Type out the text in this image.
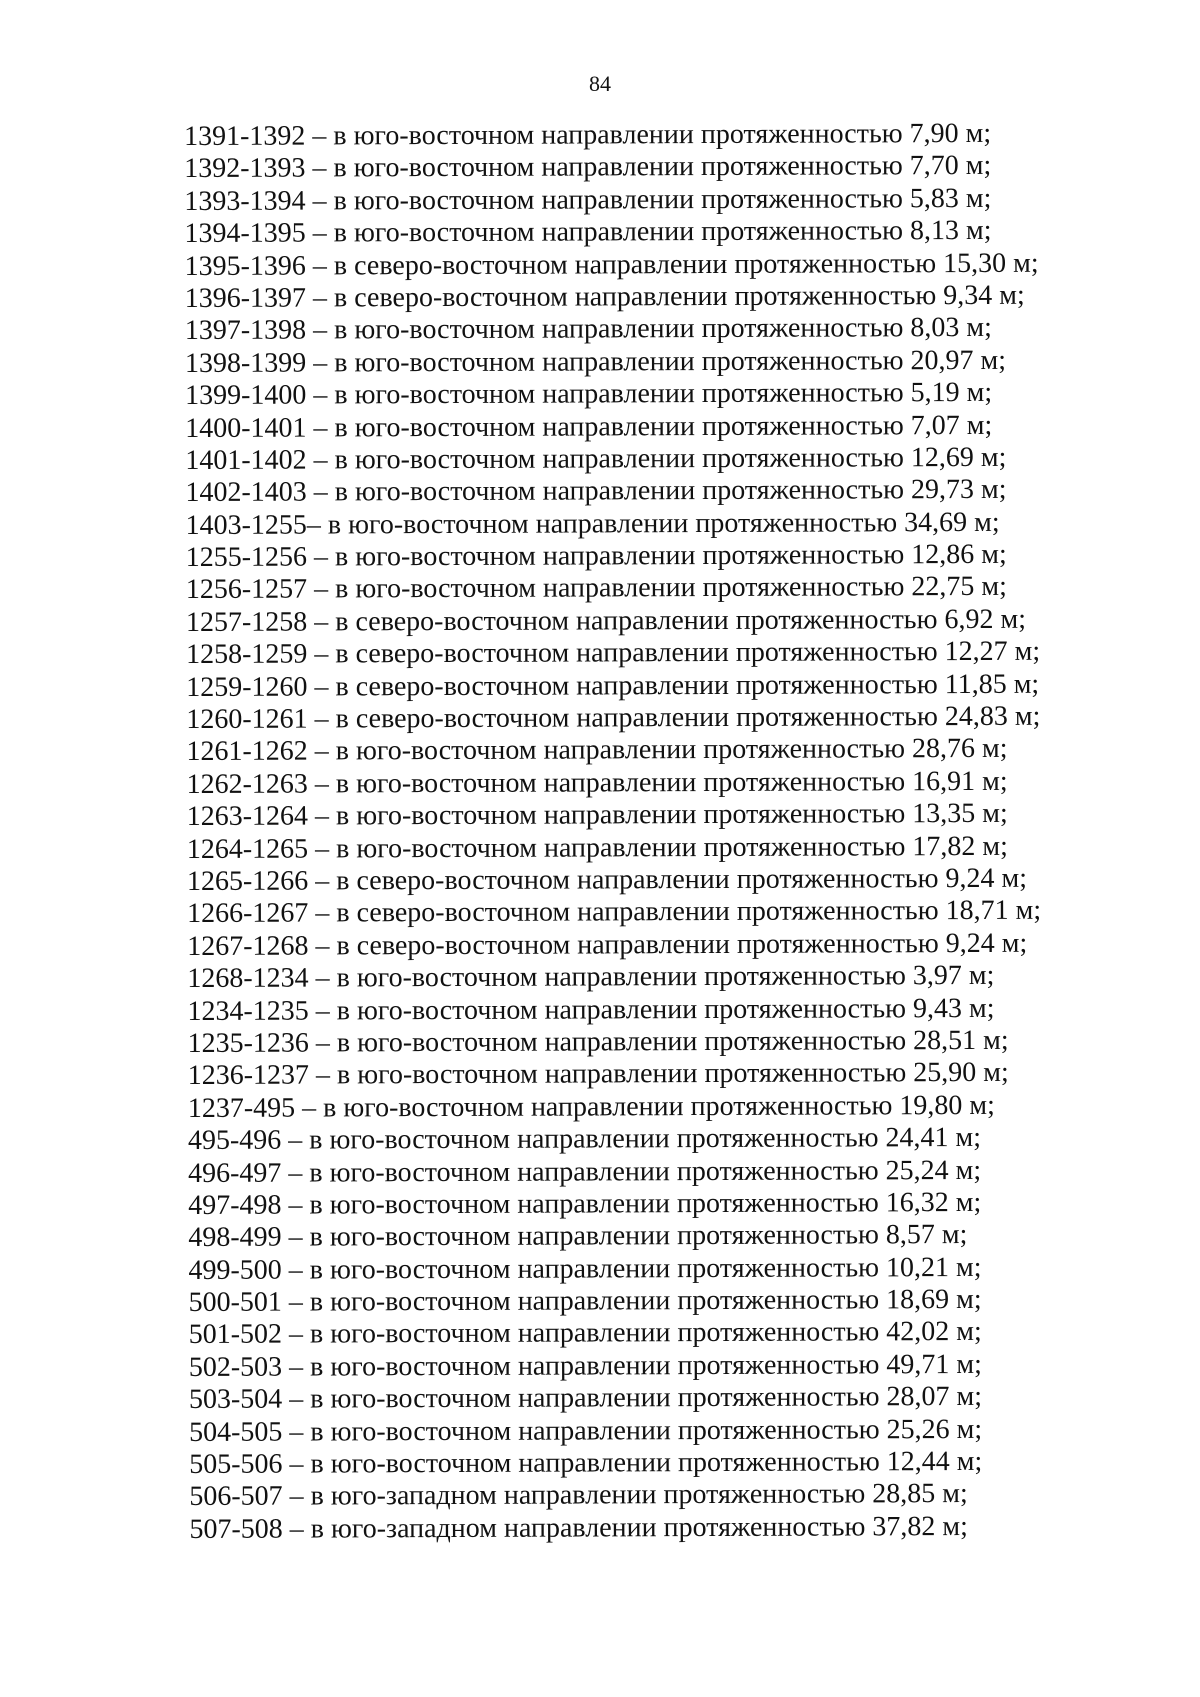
84
1391-1392 – в юго-восточном направлении протяженностью 7,90 м;
1392-1393 – в юго-восточном направлении протяженностью 7,70 м;
1393-1394 – в юго-восточном направлении протяженностью 5,83 м;
1394-1395 – в юго-восточном направлении протяженностью 8,13 м;
1395-1396 – в северо-восточном направлении протяженностью 15,30 м;
1396-1397 – в северо-восточном направлении протяженностью 9,34 м;
1397-1398 – в юго-восточном направлении протяженностью 8,03 м;
1398-1399 – в юго-восточном направлении протяженностью 20,97 м;
1399-1400 – в юго-восточном направлении протяженностью 5,19 м;
1400-1401 – в юго-восточном направлении протяженностью 7,07 м;
1401-1402 – в юго-восточном направлении протяженностью 12,69 м;
1402-1403 – в юго-восточном направлении протяженностью 29,73 м;
1403-1255– в юго-восточном направлении протяженностью 34,69 м;
1255-1256 – в юго-восточном направлении протяженностью 12,86 м;
1256-1257 – в юго-восточном направлении протяженностью 22,75 м;
1257-1258 – в северо-восточном направлении протяженностью 6,92 м;
1258-1259 – в северо-восточном направлении протяженностью 12,27 м;
1259-1260 – в северо-восточном направлении протяженностью 11,85 м;
1260-1261 – в северо-восточном направлении протяженностью 24,83 м;
1261-1262 – в юго-восточном направлении протяженностью 28,76 м;
1262-1263 – в юго-восточном направлении протяженностью 16,91 м;
1263-1264 – в юго-восточном направлении протяженностью 13,35 м;
1264-1265 – в юго-восточном направлении протяженностью 17,82 м;
1265-1266 – в северо-восточном направлении протяженностью 9,24 м;
1266-1267 – в северо-восточном направлении протяженностью 18,71 м;
1267-1268 – в северо-восточном направлении протяженностью 9,24 м;
1268-1234 – в юго-восточном направлении протяженностью 3,97 м;
1234-1235 – в юго-восточном направлении протяженностью 9,43 м;
1235-1236 – в юго-восточном направлении протяженностью 28,51 м;
1236-1237 – в юго-восточном направлении протяженностью 25,90 м;
1237-495 – в юго-восточном направлении протяженностью 19,80 м;
495-496 – в юго-восточном направлении протяженностью 24,41 м;
496-497 – в юго-восточном направлении протяженностью 25,24 м;
497-498 – в юго-восточном направлении протяженностью 16,32 м;
498-499 – в юго-восточном направлении протяженностью 8,57 м;
499-500 – в юго-восточном направлении протяженностью 10,21 м;
500-501 – в юго-восточном направлении протяженностью 18,69 м;
501-502 – в юго-восточном направлении протяженностью 42,02 м;
502-503 – в юго-восточном направлении протяженностью 49,71 м;
503-504 – в юго-восточном направлении протяженностью 28,07 м;
504-505 – в юго-восточном направлении протяженностью 25,26 м;
505-506 – в юго-восточном направлении протяженностью 12,44 м;
506-507 – в юго-западном направлении протяженностью 28,85 м;
507-508 – в юго-западном направлении протяженностью 37,82 м;
